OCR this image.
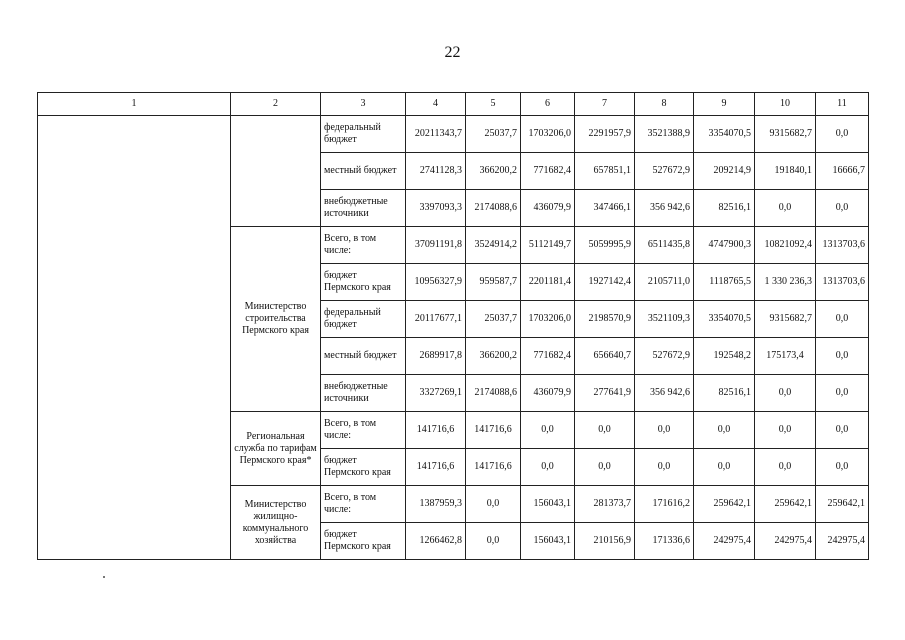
22
1	2	3	4	5	6	7	8	9	10	11
		федеральный бюджет	20211343,7	25037,7	1703206,0	2291957,9	3521388,9	3354070,5	9315682,7	0,0
		местный бюджет	2741128,3	366200,2	771682,4	657851,1	527672,9	209214,9	191840,1	16666,7
		внебюджетные источники	3397093,3	2174088,6	436079,9	347466,1	356 942,6	82516,1	0,0	0,0
	Министерство строительства Пермского края	Всего, в том числе:	37091191,8	3524914,2	5112149,7	5059995,9	6511435,8	4747900,3	10821092,4	1313703,6
		бюджет Пермского края	10956327,9	959587,7	2201181,4	1927142,4	2105711,0	1118765,5	1 330 236,3	1313703,6
		федеральный бюджет	20117677,1	25037,7	1703206,0	2198570,9	3521109,3	3354070,5	9315682,7	0,0
		местный бюджет	2689917,8	366200,2	771682,4	656640,7	527672,9	192548,2	175173,4	0,0
		внебюджетные источники	3327269,1	2174088,6	436079,9	277641,9	356 942,6	82516,1	0,0	0,0
	Региональная служба по тарифам Пермского края*	Всего, в том числе:	141716,6	141716,6	0,0	0,0	0,0	0,0	0,0	0,0
		бюджет Пермского края	141716,6	141716,6	0,0	0,0	0,0	0,0	0,0	0,0
	Министерство жилищно-коммунального хозяйства	Всего, в том числе:	1387959,3	0,0	156043,1	281373,7	171616,2	259642,1	259642,1	259642,1
		бюджет Пермского края	1266462,8	0,0	156043,1	210156,9	171336,6	242975,4	242975,4	242975,4
